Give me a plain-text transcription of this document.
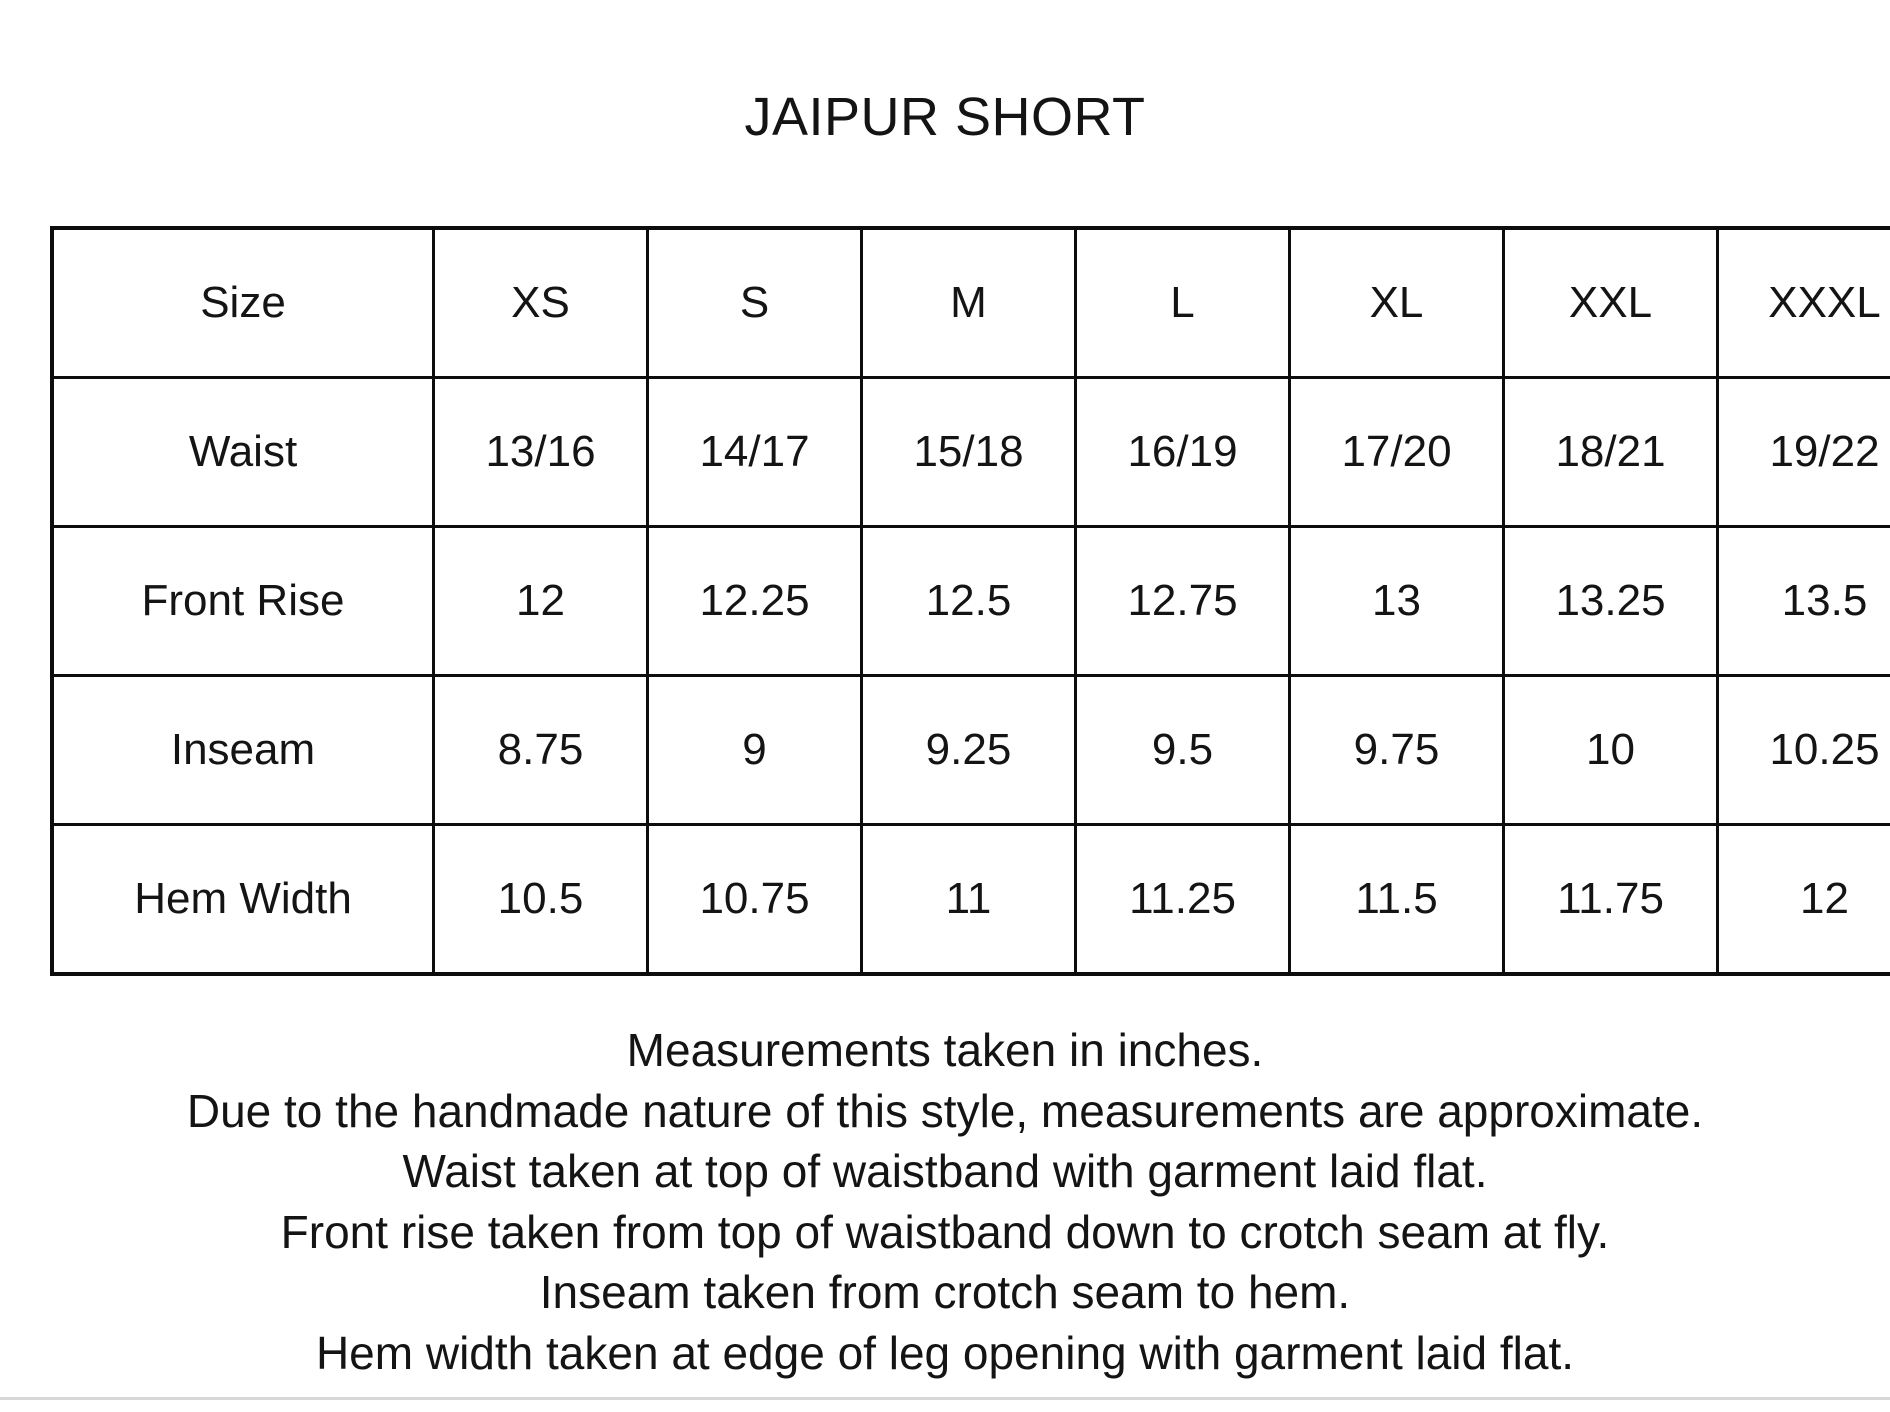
JAIPUR SHORT
Size	XS	S	M	L	XL	XXL	XXXL
Waist	13/16	14/17	15/18	16/19	17/20	18/21	19/22
Front Rise	12	12.25	12.5	12.75	13	13.25	13.5
Inseam	8.75	9	9.25	9.5	9.75	10	10.25
Hem Width	10.5	10.75	11	11.25	11.5	11.75	12
Measurements taken in inches.
Due to the handmade nature of this style, measurements are approximate.
Waist taken at top of waistband with garment laid flat.
Front rise taken from top of waistband down to crotch seam at fly.
Inseam taken from crotch seam to hem.
Hem width taken at edge of leg opening with garment laid flat.
